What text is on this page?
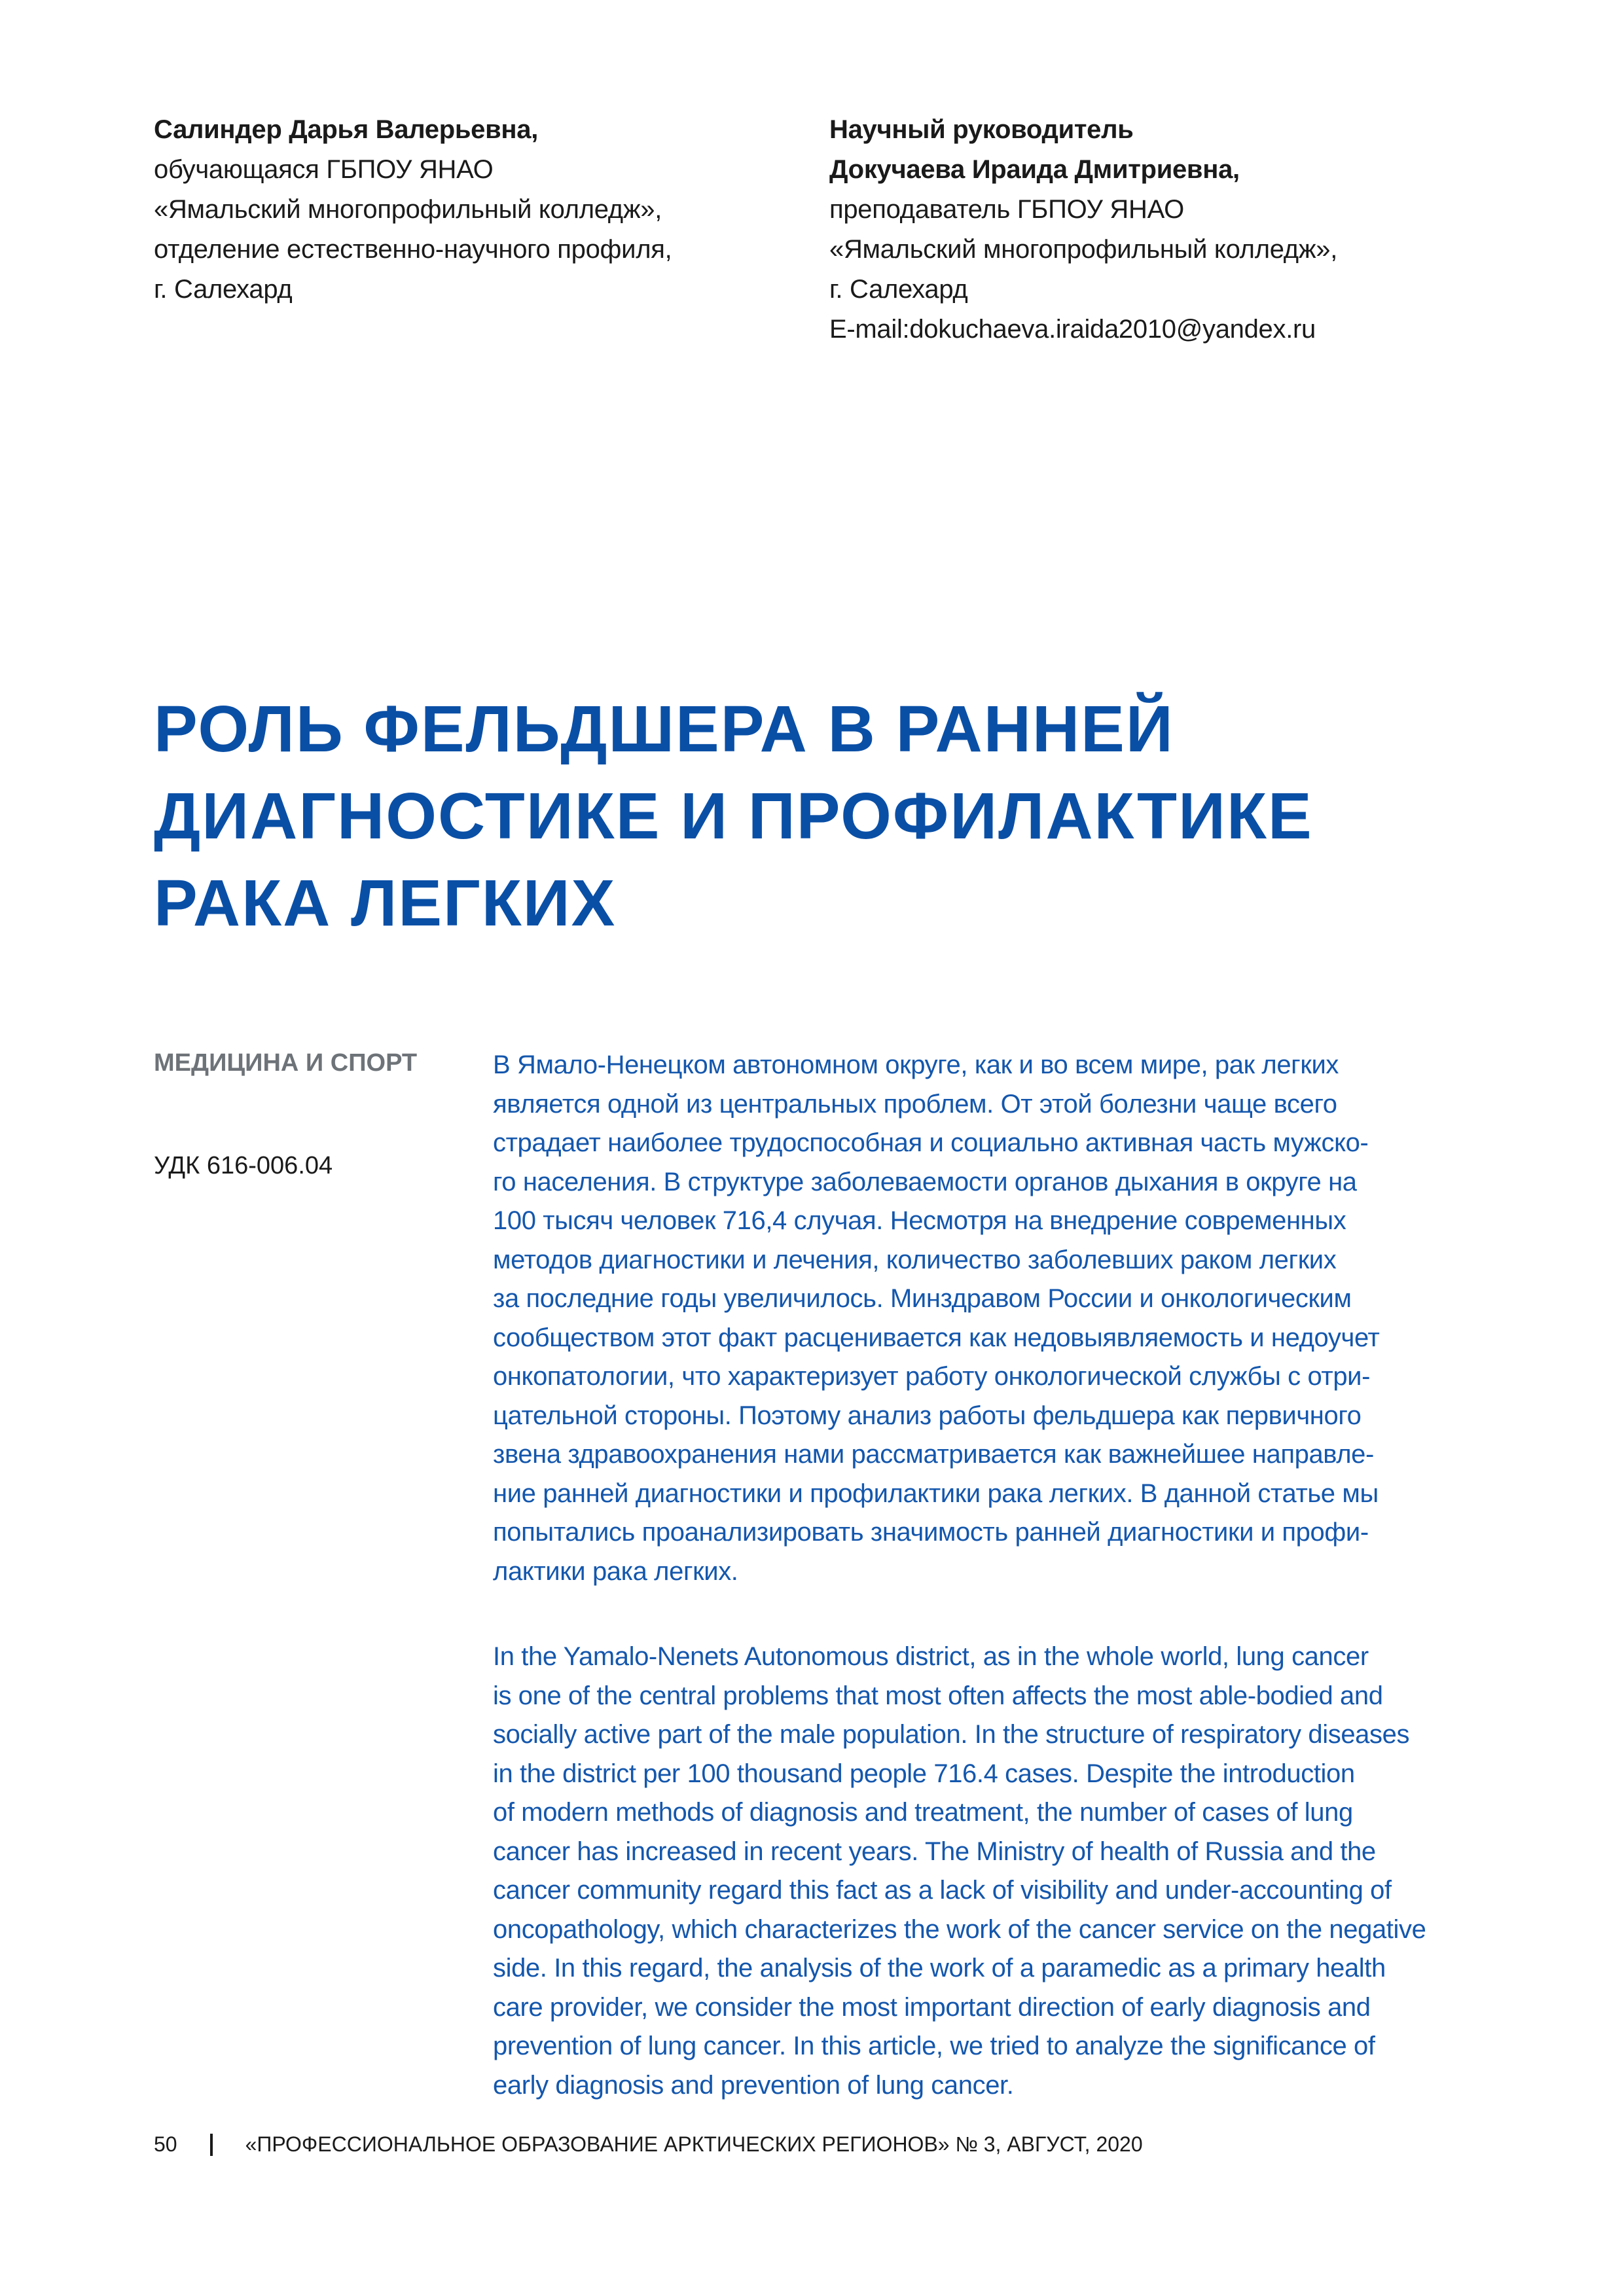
Салиндер Дарья Валерьевна,
обучающаяся ГБПОУ ЯНАО
«Ямальский многопрофильный колледж»,
отделение естественно-научного профиля,
г. Салехард
Научный руководитель
Докучаева Ираида Дмитриевна,
преподаватель ГБПОУ ЯНАО
«Ямальский многопрофильный колледж»,
г. Салехард
E-mail:dokuchaeva.iraida2010@yandex.ru
РОЛЬ ФЕЛЬДШЕРА В РАННЕЙ
ДИАГНОСТИКЕ И ПРОФИЛАКТИКЕ
РАКА ЛЕГКИХ
МЕДИЦИНА И СПОРТ
УДК 616-006.04
В Ямало-Ненецком автономном округе, как и во всем мире, рак легких
является одной из центральных проблем. От этой болезни чаще всего
страдает наиболее трудоспособная и социально активная часть мужско-
го населения. В структуре заболеваемости органов дыхания в округе на
100 тысяч человек 716,4 случая. Несмотря на внедрение современных
методов диагностики и лечения, количество заболевших раком легких
за последние годы увеличилось. Минздравом России и онкологическим
сообществом этот факт расценивается как недовыявляемость и недоучет
онкопатологии, что характеризует работу онкологической службы с отри-
цательной стороны. Поэтому анализ работы фельдшера как первичного
звена здравоохранения нами рассматривается как важнейшее направле-
ние ранней диагностики и профилактики рака легких. В данной статье мы
попытались проанализировать значимость ранней диагностики и профи-
лактики рака легких.
In the Yamalo-Nenets Autonomous district, as in the whole world, lung cancer
is one of the central problems that most often affects the most able-bodied and
socially active part of the male population. In the structure of respiratory diseases
in the district per 100 thousand people 716.4 cases. Despite the introduction
of modern methods of diagnosis and treatment, the number of cases of lung
cancer has increased in recent years. The Ministry of health of Russia and the
cancer community regard this fact as a lack of visibility and under-accounting of
oncopathology, which characterizes the work of the cancer service on the negative
side. In this regard, the analysis of the work of a paramedic as a primary health
care provider, we consider the most important direction of early diagnosis and
prevention of lung cancer. In this article, we tried to analyze the significance of
early diagnosis and prevention of lung cancer.
50	«ПРОФЕССИОНАЛЬНОЕ ОБРАЗОВАНИЕ АРКТИЧЕСКИХ РЕГИОНОВ» № 3, АВГУСТ, 2020
